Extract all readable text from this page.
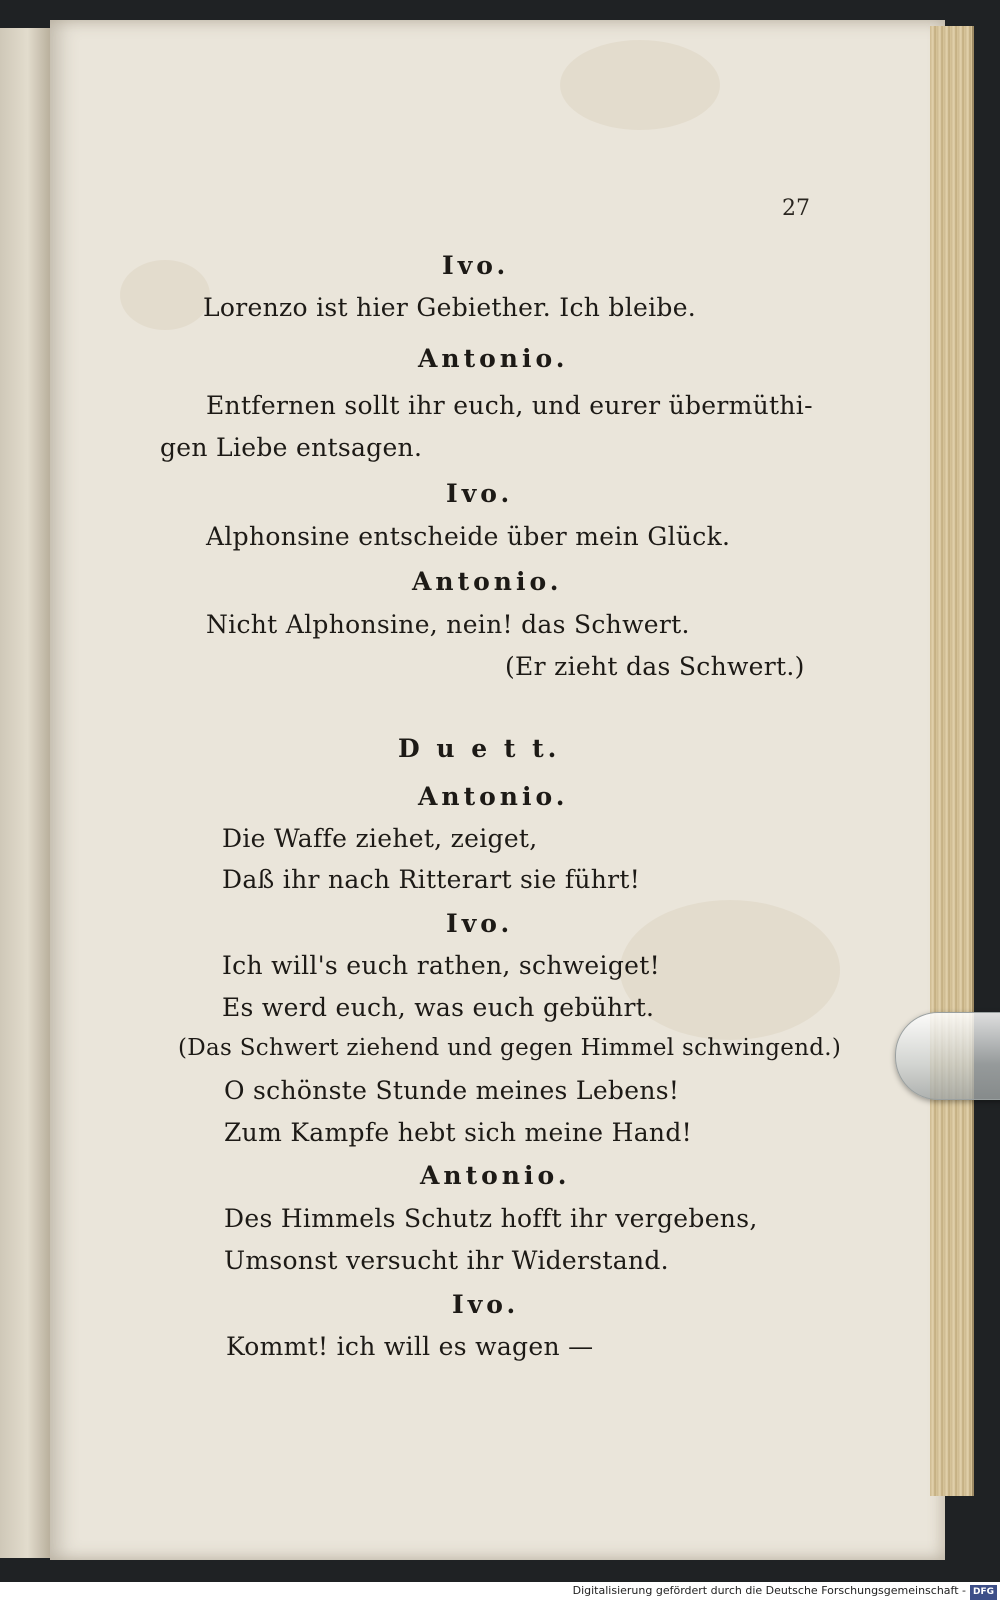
27
Ivo.
Lorenzo ist hier Gebiether. Ich bleibe.
Antonio.
Entfernen sollt ihr euch, und eurer übermüthi-
gen Liebe entsagen.
Ivo.
Alphonsine entscheide über mein Glück.
Antonio.
Nicht Alphonsine, nein! das Schwert.
(Er zieht das Schwert.)
D u e t t.
Antonio.
Die Waffe ziehet, zeiget,
Daß ihr nach Ritterart sie führt!
Ivo.
Ich will's euch rathen, schweiget!
Es werd euch, was euch gebührt.
(Das Schwert ziehend und gegen Himmel schwingend.)
O schönste Stunde meines Lebens!
Zum Kampfe hebt sich meine Hand!
Antonio.
Des Himmels Schutz hofft ihr vergebens,
Umsonst versucht ihr Widerstand.
Ivo.
Kommt! ich will es wagen —
Digitalisierung gefördert durch die Deutsche Forschungsgemeinschaft - DFG
